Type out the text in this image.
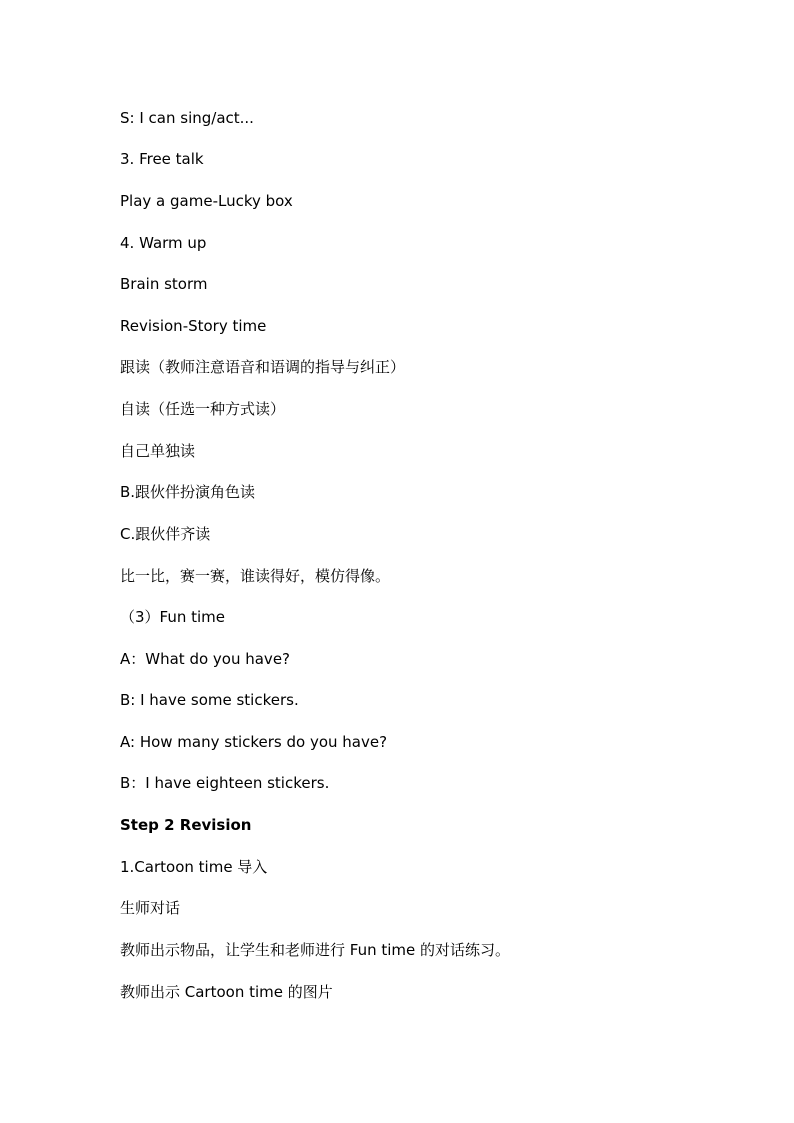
S: I can sing/act...
3. Free talk
Play a game-Lucky box
4. Warm up
Brain storm
Revision-Story time
跟读（教师注意语音和语调的指导与纠正）
自读（任选一种方式读）
自己单独读
B.跟伙伴扮演角色读
C.跟伙伴齐读
比一比，赛一赛，谁读得好，模仿得像。
（3）Fun time
A：What do you have?
B: I have some stickers.
A: How many stickers do you have?
B：I have eighteen stickers.
Step 2 Revision
1.Cartoon time 导入
生师对话
教师出示物品，让学生和老师进行 Fun time 的对话练习。
教师出示 Cartoon time 的图片
